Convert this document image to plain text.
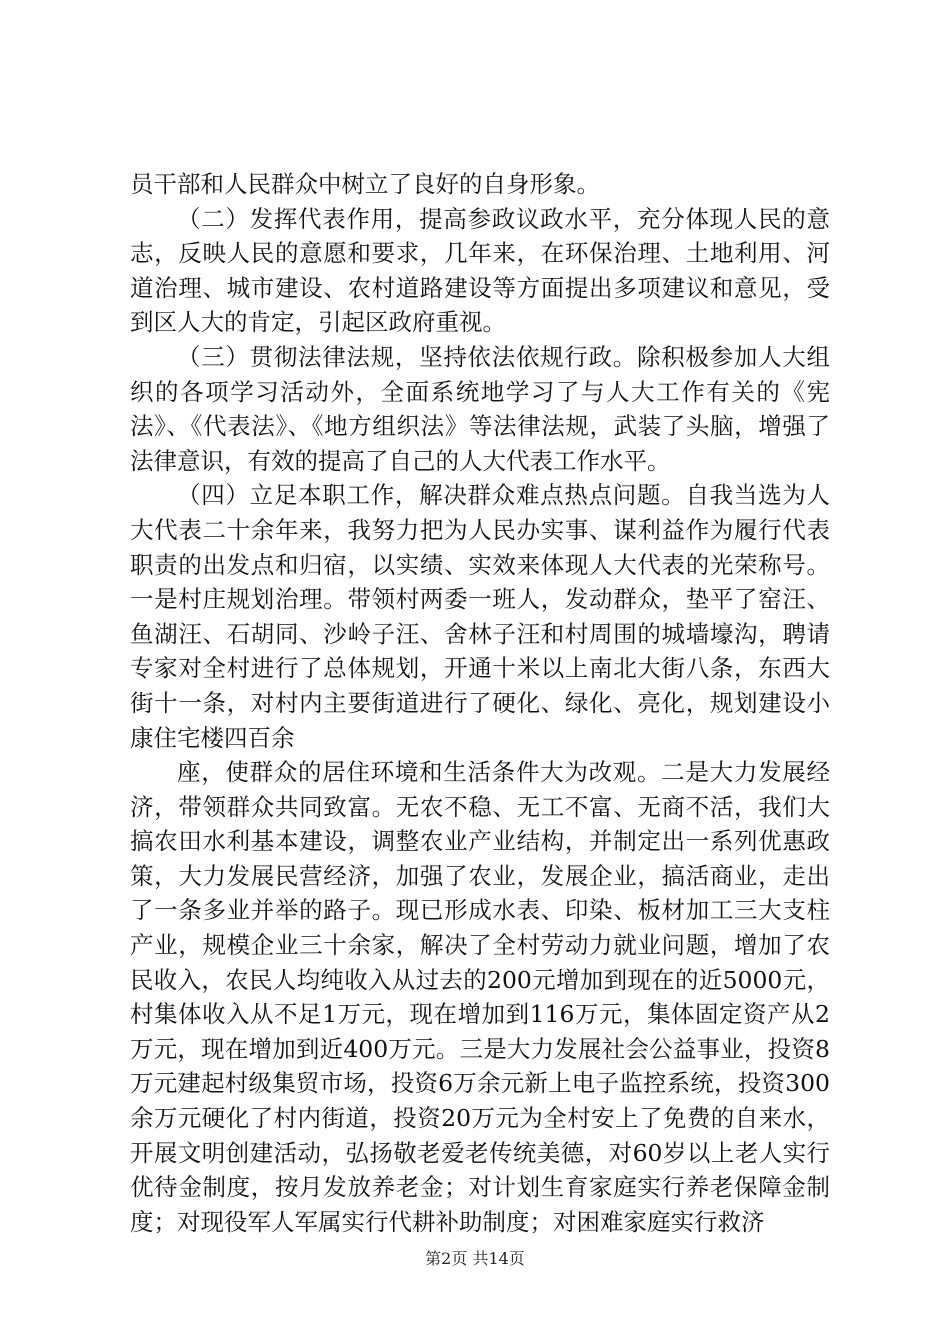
员干部和人民群众中树立了良好的自身形象。

（二）发挥代表作用，提高参政议政水平，充分体现人民的意志，反映人民的意愿和要求，几年来，在环保治理、土地利用、河道治理、城市建设、农村道路建设等方面提出多项建议和意见，受到区人大的肯定，引起区政府重视。

（三）贯彻法律法规，坚持依法依规行政。除积极参加人大组织的各项学习活动外，全面系统地学习了与人大工作有关的《宪法》、《代表法》、《地方组织法》等法律法规，武装了头脑，增强了法律意识，有效的提高了自己的人大代表工作水平。

（四）立足本职工作，解决群众难点热点问题。自我当选为人大代表二十余年来，我努力把为人民办实事、谋利益作为履行代表职责的出发点和归宿，以实绩、实效来体现人大代表的光荣称号。一是村庄规划治理。带领村两委一班人，发动群众，垫平了窑汪、鱼湖汪、石胡同、沙岭子汪、舍林子汪和村周围的城墙壕沟，聘请专家对全村进行了总体规划，开通十米以上南北大街八条，东西大街十一条，对村内主要街道进行了硬化、绿化、亮化，规划建设小康住宅楼四百余

座，使群众的居住环境和生活条件大为改观。二是大力发展经济，带领群众共同致富。无农不稳、无工不富、无商不活，我们大搞农田水利基本建设，调整农业产业结构，并制定出一系列优惠政策，大力发展民营经济，加强了农业，发展企业，搞活商业，走出了一条多业并举的路子。现已形成水表、印染、板材加工三大支柱产业，规模企业三十余家，解决了全村劳动力就业问题，增加了农民收入，农民人均纯收入从过去的200元增加到现在的近5000元，村集体收入从不足1万元，现在增加到116万元，集体固定资产从2万元，现在增加到近400万元。三是大力发展社会公益事业，投资8万元建起村级集贸市场，投资6万余元新上电子监控系统，投资300余万元硬化了村内街道，投资20万元为全村安上了免费的自来水，开展文明创建活动，弘扬敬老爱老传统美德，对60岁以上老人实行优待金制度，按月发放养老金；对计划生育家庭实行养老保障金制度；对现役军人军属实行代耕补助制度；对困难家庭实行救济

第2页 共14页
